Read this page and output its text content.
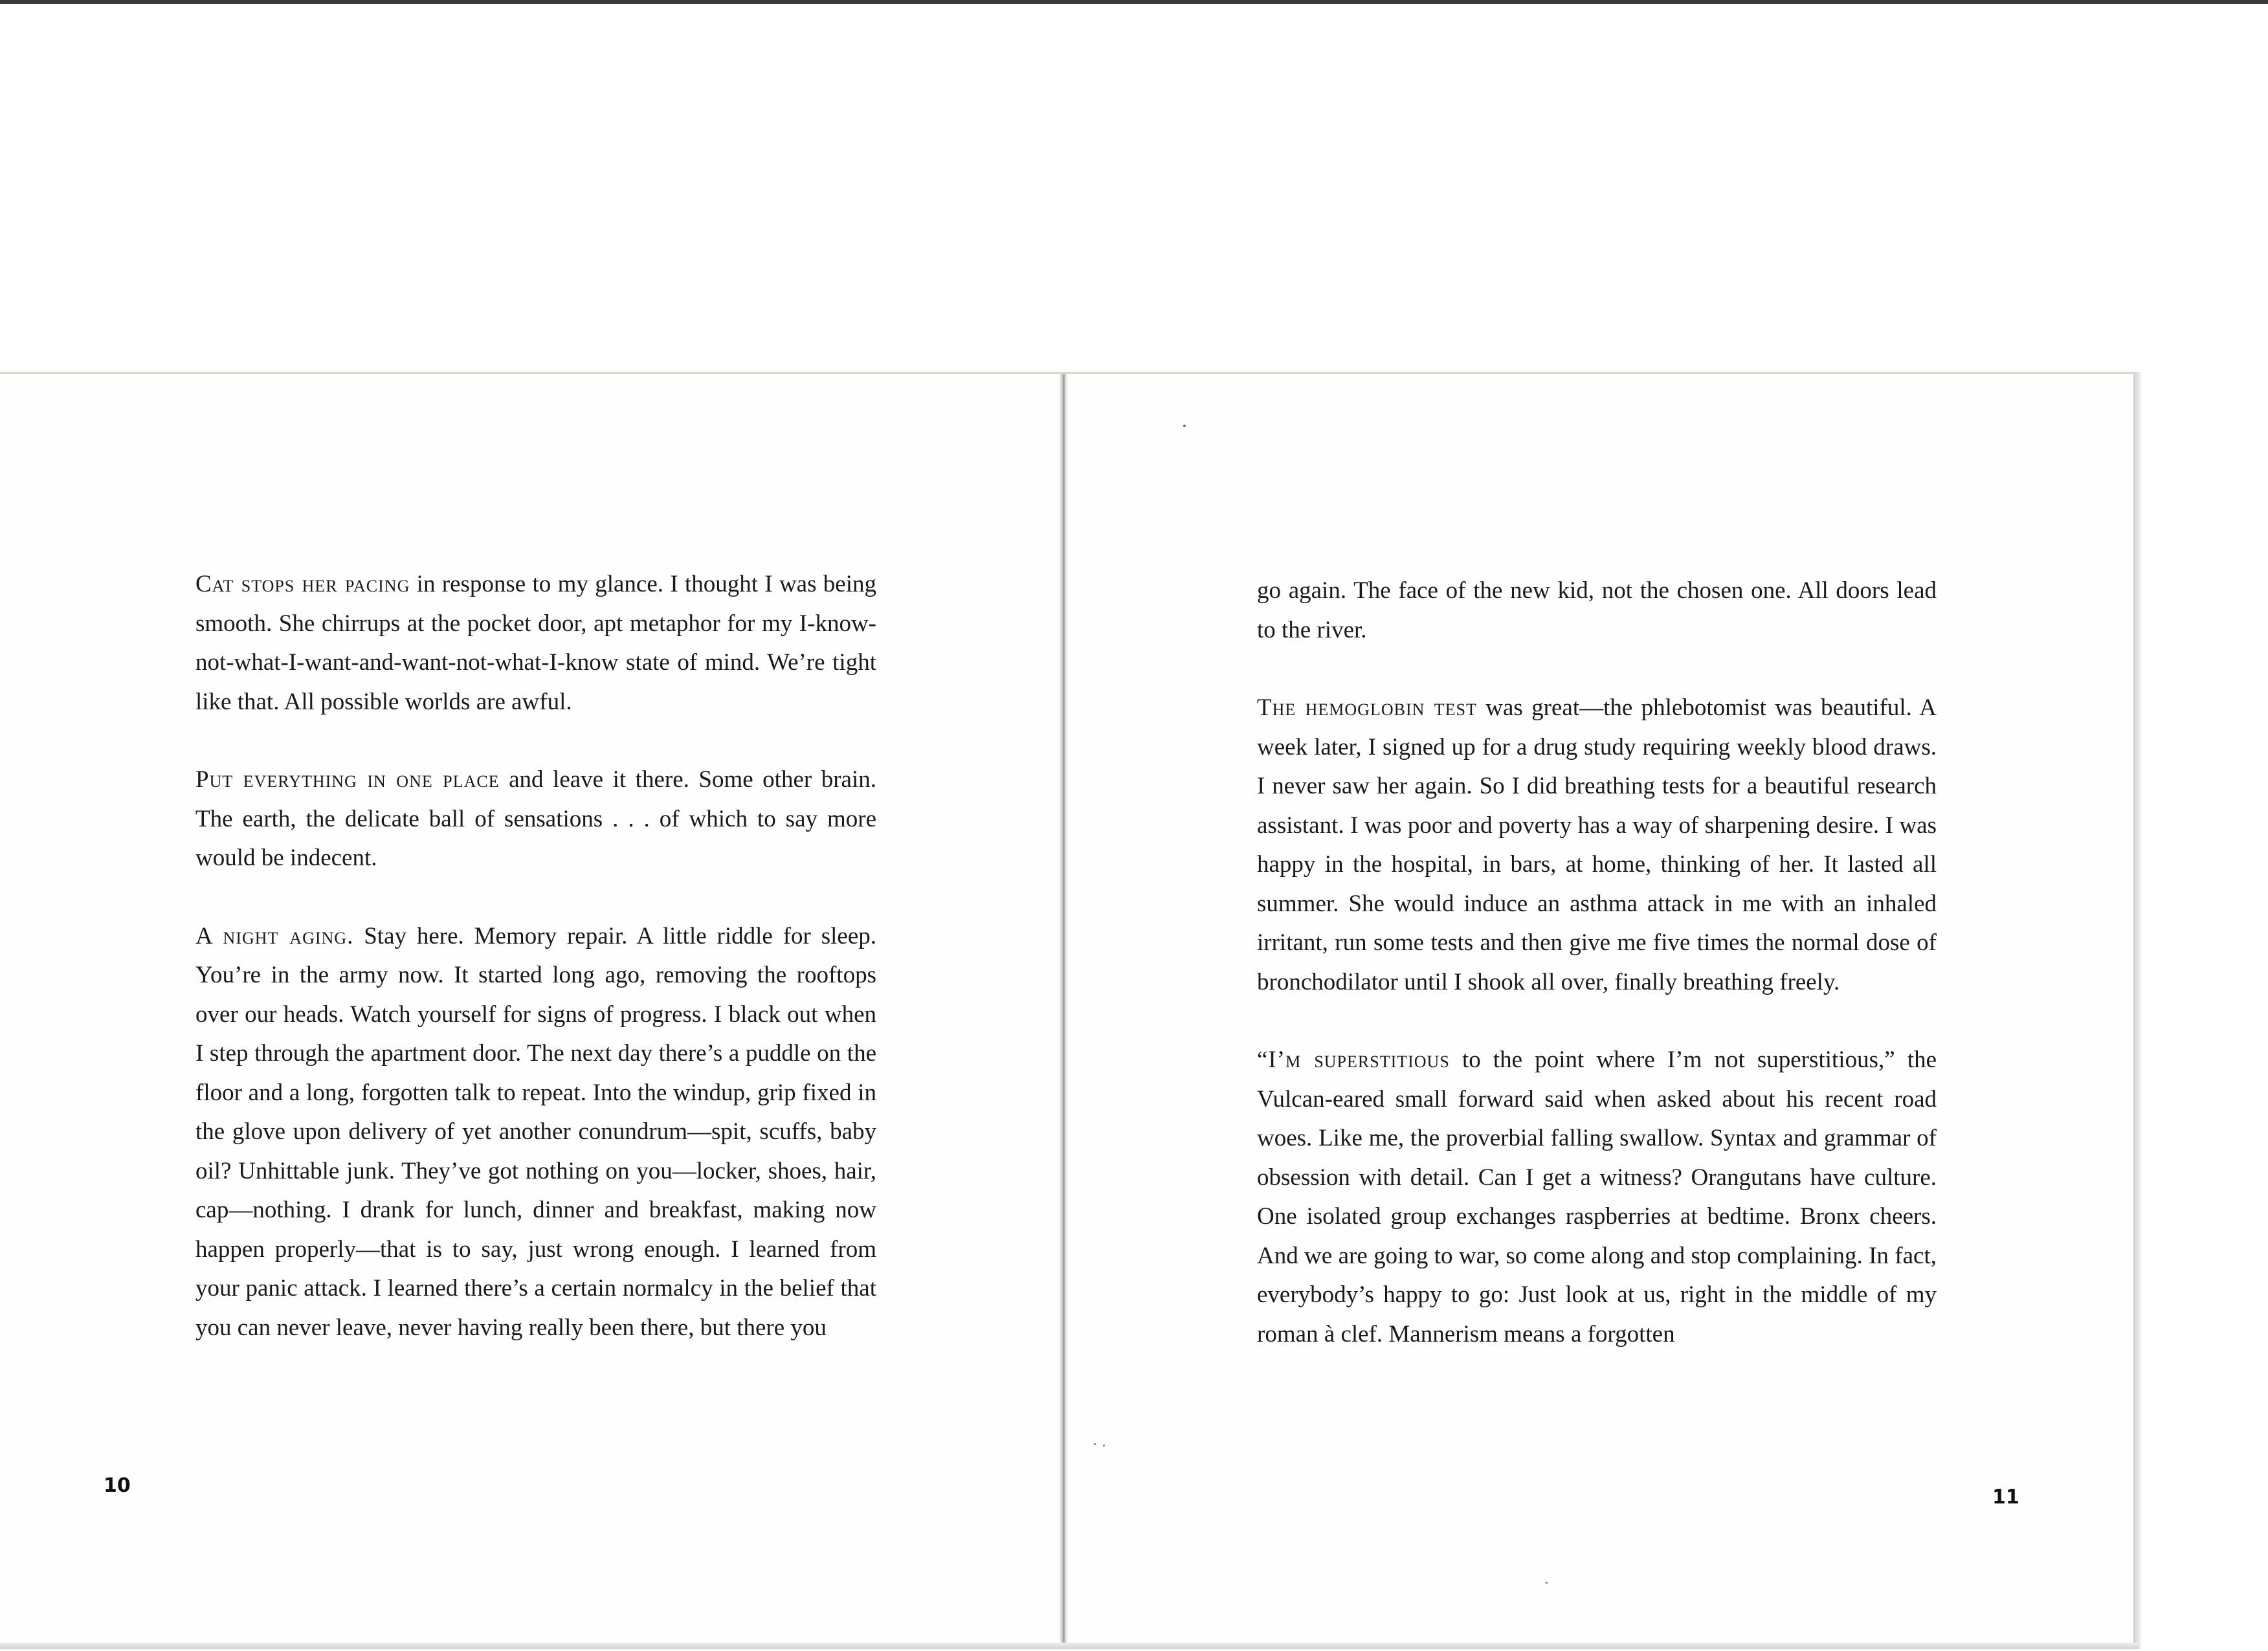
Cat stops her pacing in response to my glance. I thought I was being smooth. She chirrups at the pocket door, apt metaphor for my I-know-not-what-I-want-and-want-not-what-I-know state of mind. We’re tight like that. All possible worlds are awful.

Put everything in one place and leave it there. Some other brain. The earth, the delicate ball of sensations . . . of which to say more would be indecent.

A night aging. Stay here. Memory repair. A little riddle for sleep. You’re in the army now. It started long ago, removing the rooftops over our heads. Watch yourself for signs of progress. I black out when I step through the apartment door. The next day there’s a puddle on the floor and a long, forgotten talk to repeat. Into the windup, grip fixed in the glove upon delivery of yet another conundrum—spit, scuffs, baby oil? Unhittable junk. They’ve got nothing on you—locker, shoes, hair, cap—nothing. I drank for lunch, dinner and breakfast, making now happen properly—that is to say, just wrong enough. I learned from your panic attack. I learned there’s a certain normalcy in the belief that you can never leave, never having really been there, but there you

go again. The face of the new kid, not the chosen one. All doors lead to the river.

The hemoglobin test was great—the phlebotomist was beautiful. A week later, I signed up for a drug study requiring weekly blood draws. I never saw her again. So I did breathing tests for a beautiful research assistant. I was poor and poverty has a way of sharpening desire. I was happy in the hospital, in bars, at home, thinking of her. It lasted all summer. She would induce an asthma attack in me with an inhaled irritant, run some tests and then give me five times the normal dose of bronchodilator until I shook all over, finally breathing freely.

“I’m superstitious to the point where I’m not superstitious,” the Vulcan-eared small forward said when asked about his recent road woes. Like me, the proverbial falling swallow. Syntax and grammar of obsession with detail. Can I get a witness? Orangutans have culture. One isolated group exchanges raspberries at bedtime. Bronx cheers. And we are going to war, so come along and stop complaining. In fact, everybody’s happy to go: Just look at us, right in the middle of my roman à clef. Mannerism means a forgotten

10
11
